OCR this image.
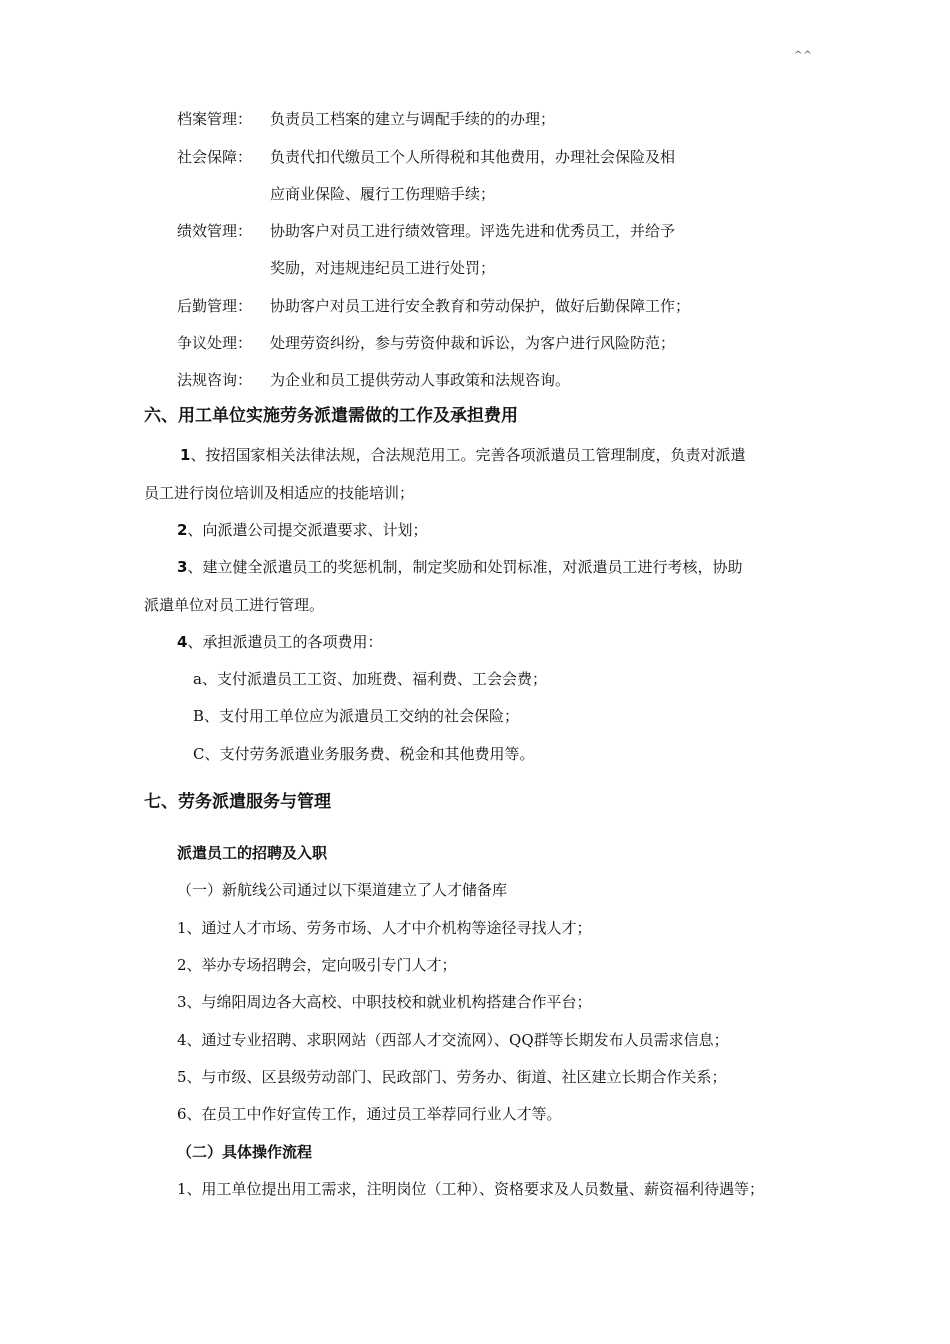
^^
档案管理： 负责员工档案的建立与调配手续的的办理；
社会保障： 负责代扣代缴员工个人所得税和其他费用，办理社会保险及相
应商业保险、履行工伤理赔手续；
绩效管理： 协助客户对员工进行绩效管理。评选先进和优秀员工，并给予
奖励，对违规违纪员工进行处罚；
后勤管理： 协助客户对员工进行安全教育和劳动保护，做好后勤保障工作；
争议处理： 处理劳资纠纷，参与劳资仲裁和诉讼，为客户进行风险防范；
法规咨询： 为企业和员工提供劳动人事政策和法规咨询。
六、用工单位实施劳务派遣需做的工作及承担费用
1、按招国家相关法律法规，合法规范用工。完善各项派遣员工管理制度，负责对派遣
员工进行岗位培训及相适应的技能培训；
2、向派遣公司提交派遣要求、计划；
3、建立健全派遣员工的奖惩机制，制定奖励和处罚标准，对派遣员工进行考核，协助
派遣单位对员工进行管理。
4、承担派遣员工的各项费用：
a、支付派遣员工工资、加班费、福利费、工会会费；
B、支付用工单位应为派遣员工交纳的社会保险；
C、支付劳务派遣业务服务费、税金和其他费用等。
七、劳务派遣服务与管理
派遣员工的招聘及入职
（一）新航线公司通过以下渠道建立了人才储备库
1、通过人才市场、劳务市场、人才中介机构等途径寻找人才；
2、举办专场招聘会，定向吸引专门人才；
3、与绵阳周边各大高校、中职技校和就业机构搭建合作平台；
4、通过专业招聘、求职网站（西部人才交流网）、QQ群等长期发布人员需求信息；
5、与市级、区县级劳动部门、民政部门、劳务办、街道、社区建立长期合作关系；
6、在员工中作好宣传工作，通过员工举荐同行业人才等。
（二）具体操作流程
1、用工单位提出用工需求，注明岗位（工种）、资格要求及人员数量、薪资福利待遇等；
